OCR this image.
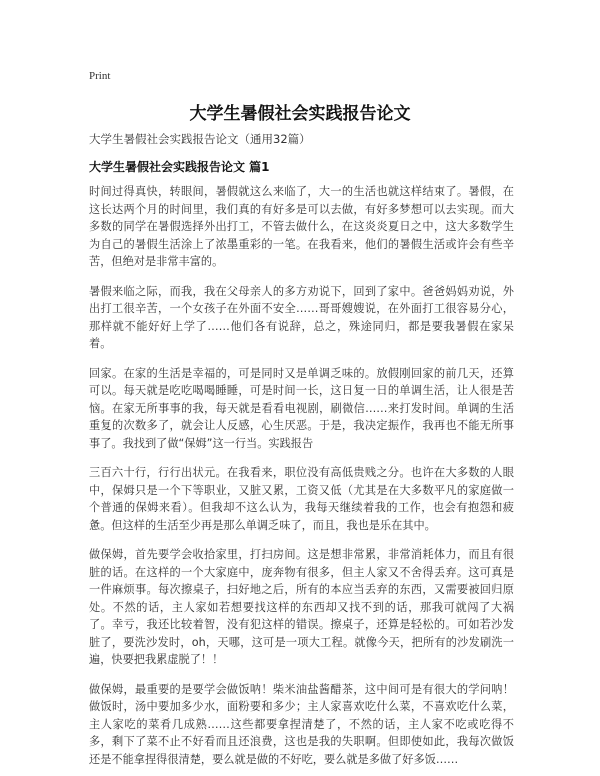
Print
大学生暑假社会实践报告论文

大学生暑假社会实践报告论文（通用32篇）

大学生暑假社会实践报告论文 篇1

时间过得真快，转眼间，暑假就这么来临了，大一的生活也就这样结束了。暑假，在这长达两个月的时间里，我们真的有好多是可以去做，有好多梦想可以去实现。而大多数的同学在暑假选择外出打工，不管去做什么，在这炎炎夏日之中，这大多数学生为自己的暑假生活涂上了浓墨重彩的一笔。在我看来，他们的暑假生活或许会有些辛苦，但绝对是非常丰富的。

暑假来临之际，而我，我在父母亲人的多方劝说下，回到了家中。爸爸妈妈劝说，外出打工很辛苦，一个女孩子在外面不安全……哥哥嫂嫂说，在外面打工很容易分心，那样就不能好好上学了……他们各有说辞，总之，殊途同归，都是要我暑假在家呆着。

回家。在家的生活是幸福的，可是同时又是单调乏味的。放假刚回家的前几天，还算可以。每天就是吃吃喝喝睡睡，可是时间一长，这日复一日的单调生活，让人很是苦恼。在家无所事事的我，每天就是看看电视剧，刷微信……来打发时间。单调的生活重复的次数多了，就会让人反感，心生厌恶。于是，我决定振作，我再也不能无所事事了。我找到了做“保姆”这一行当。实践报告

三百六十行，行行出状元。在我看来，职位没有高低贵贱之分。也许在大多数的人眼中，保姆只是一个下等职业，又脏又累，工资又低（尤其是在大多数平凡的家庭做一个普通的保姆来看）。但我却不这么认为，我每天继续着我的工作，也会有抱怨和疲惫。但这样的生活至少再是那么单调乏味了，而且，我也是乐在其中。

做保姆，首先要学会收拾家里，打扫房间。这是想非常累，非常消耗体力，而且有很脏的话。在这样的一个大家庭中，庞奔物有很多，但主人家又不舍得丢弃。这可真是一件麻烦事。每次擦桌子，扫好地之后，所有的本应当丢弃的东西，又需要被回归原处。不然的话，主人家如若想要找这样的东西却又找不到的话，那我可就闯了大祸了。幸亏，我还比较着智，没有犯这样的错误。擦桌子，还算是轻松的。可如若沙发脏了，要洗沙发时，oh，天哪，这可是一项大工程。就像今天，把所有的沙发刷洗一遍，快要把我累虚脱了！！

做保姆，最重要的是要学会做饭呐！柴米油盐酱醋茶，这中间可是有很大的学问呐！做饭时，汤中要加多少水，面粉要和多少；主人家喜欢吃什么菜，不喜欢吃什么菜，主人家吃的菜肴几成熟……这些都要拿捏清楚了，不然的话，主人家不吃或吃得不多，剩下了菜不止不好看而且还浪费，这也是我的失职啊。但即使如此，我每次做饭还是不能拿捏得很清楚，要么就是做的不好吃，要么就是多做了好多饭……
